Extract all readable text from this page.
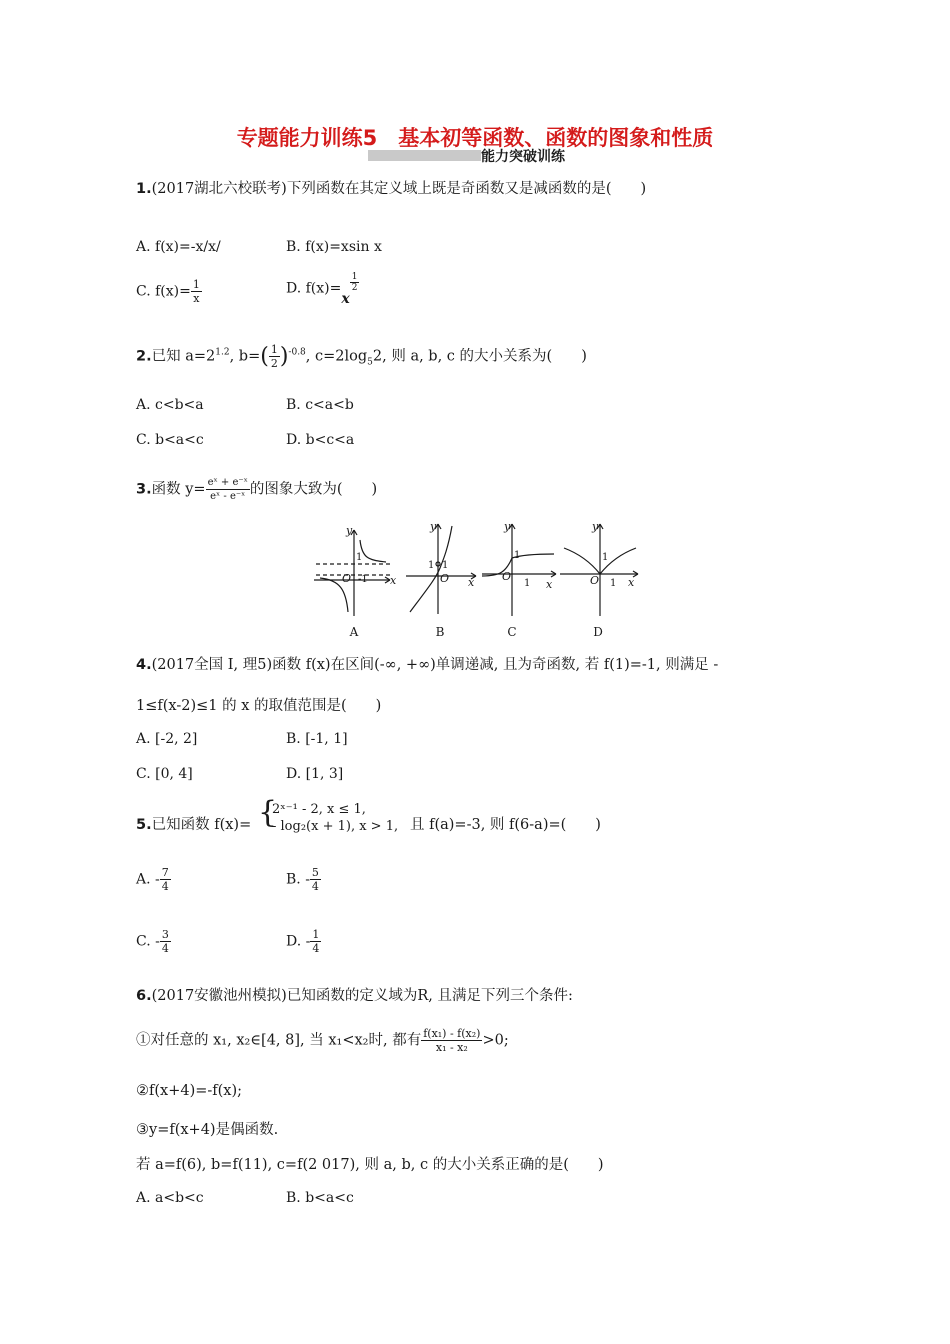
专题能力训练5　基本初等函数、函数的图象和性质
能力突破训练
1.(2017湖北六校联考)下列函数在其定义域上既是奇函数又是减函数的是(　　)
A. f(x)=-x/x/	B. f(x)=xsin x
C. $f(x)= \frac{1}{x}$	D. f(x)=x
$\frac{1}{2}$
2.已知 $a=2^{1.2}$, $b=( \frac{1}{2} )^{-0.8}$, $c=2\log_52$, 则 a, b, c 的大小关系为(　　)
A. c<b<a	B. c<a<b
C. b<a<c	D. b<c<a
3.函数 $y= \frac{\text{eˣ + e⁻ˣ}}{\text{eˣ - e⁻ˣ}}$ 的图象大致为(　　)
y
x
O
y
x
O
y
x
O
y
x
O
1
-1
1 1
1
1
1
1
A	B	C	D
4.(2017全国 I, 理5)函数 f(x)在区间(-∞, +∞)单调递减, 且为奇函数, 若 f(1)=-1, 则满足 -
1≤f(x-2)≤1 的 x 的取值范围是(　　)
A. [-2, 2]	B. [-1, 1]
C. [0, 4]	D. [1, 3]
5.已知函数 f(x)= {
2ˣ⁻¹ - 2, x ≤ 1,
- log₂(x + 1), x > 1, 且 f(a)=-3, 则 f(6-a)=(　　)
A. - $\frac{7}{4}$	B. - $\frac{5}{4}$
C. - $\frac{3}{4}$	D. - $\frac{1}{4}$
6.(2017安徽池州模拟)已知函数的定义域为R, 且满足下列三个条件:
①对任意的 x₁, x₂∈[4, 8], 当 x₁<x₂时, 都有 $\frac{\text{f(x₁) - f(x₂)}}{\text{x₁ - x₂}} >0$;
②f(x+4)=-f(x);
③y=f(x+4)是偶函数.
若 a=f(6), b=f(11), c=f(2 017), 则 a, b, c 的大小关系正确的是(　　)
A. a<b<c	B. b<a<c
